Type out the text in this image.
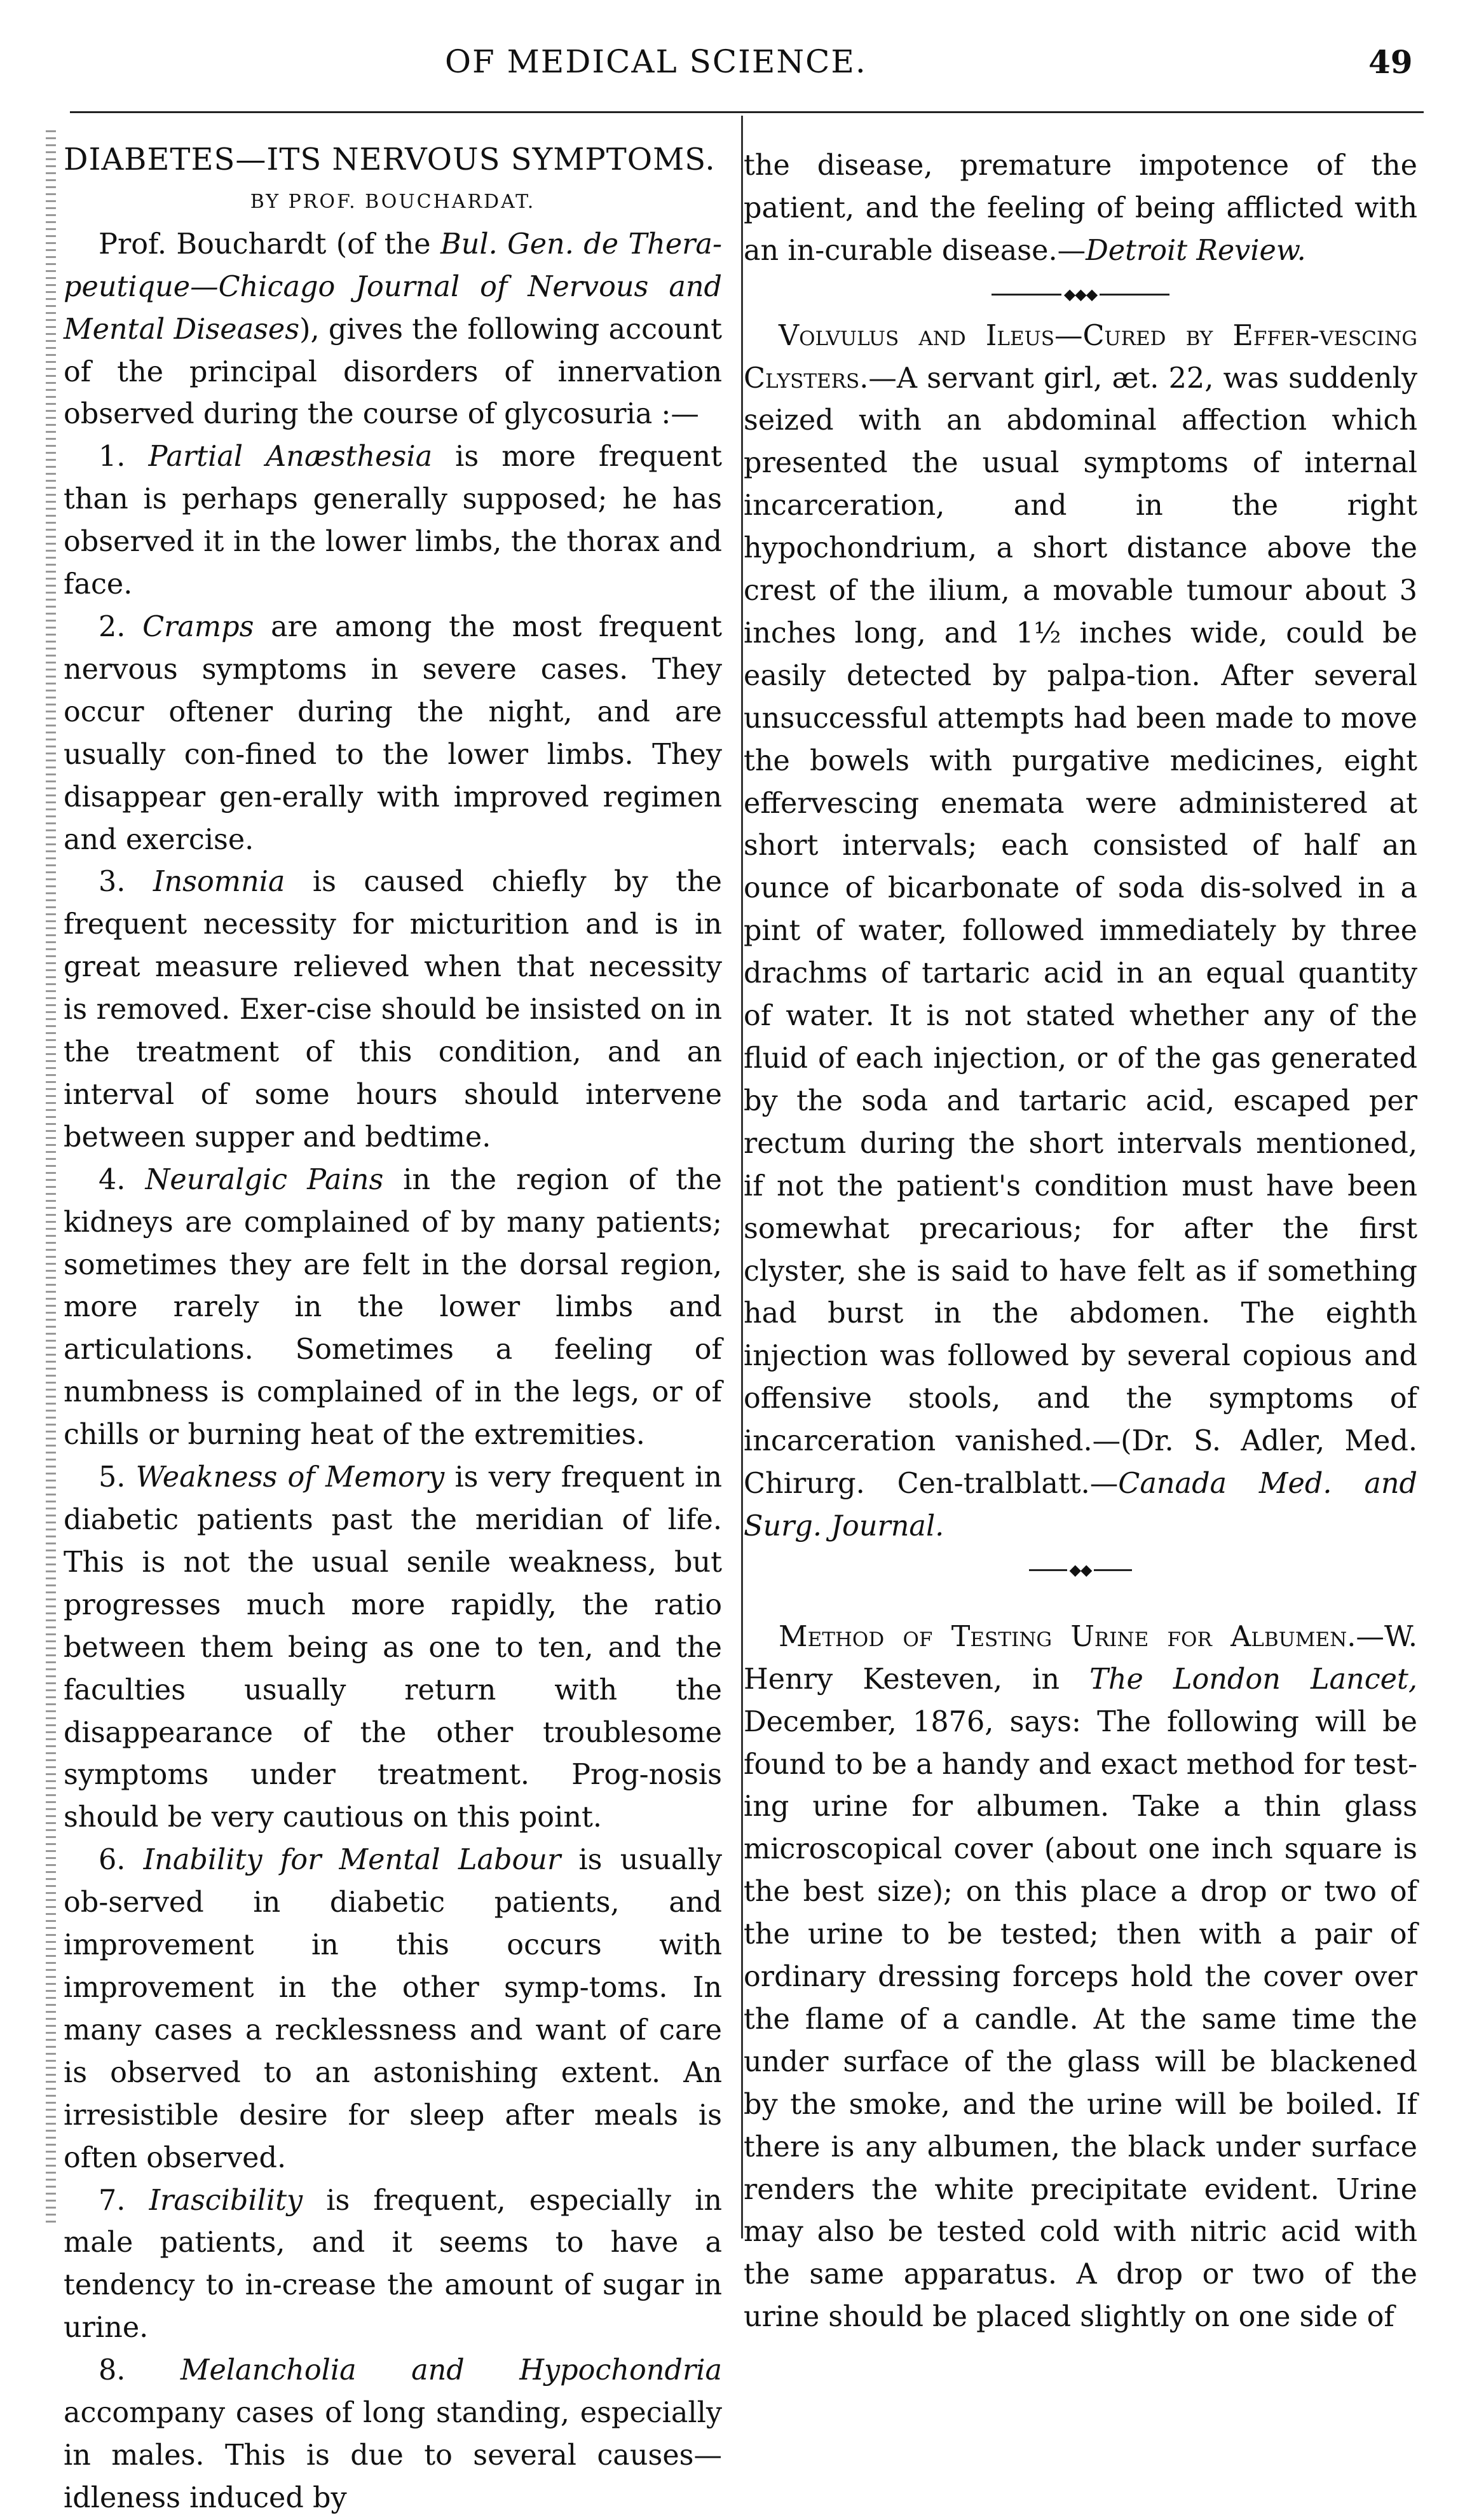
OF MEDICAL SCIENCE.	49

DIABETES—ITS NERVOUS SYMPTOMS.

BY PROF. BOUCHARDAT.

Prof. Bouchardt (of the Bul. Gen. de Thera-peutique—Chicago Journal of Nervous and Mental Diseases), gives the following account of the principal disorders of innervation observed during the course of glycosuria :—

1. Partial Anæsthesia is more frequent than is perhaps generally supposed; he has observed it in the lower limbs, the thorax and face.

2. Cramps are among the most frequent nervous symptoms in severe cases. They occur oftener during the night, and are usually con-fined to the lower limbs. They disappear gen-erally with improved regimen and exercise.

3. Insomnia is caused chiefly by the frequent necessity for micturition and is in great measure relieved when that necessity is removed. Exer-cise should be insisted on in the treatment of this condition, and an interval of some hours should intervene between supper and bedtime.

4. Neuralgic Pains in the region of the kidneys are complained of by many patients; sometimes they are felt in the dorsal region, more rarely in the lower limbs and articulations. Sometimes a feeling of numbness is complained of in the legs, or of chills or burning heat of the extremities.

5. Weakness of Memory is very frequent in diabetic patients past the meridian of life. This is not the usual senile weakness, but progresses much more rapidly, the ratio between them being as one to ten, and the faculties usually return with the disappearance of the other troublesome symptoms under treatment. Prog-nosis should be very cautious on this point.

6. Inability for Mental Labour is usually ob-served in diabetic patients, and improvement in this occurs with improvement in the other symp-toms. In many cases a recklessness and want of care is observed to an astonishing extent. An irresistible desire for sleep after meals is often observed.

7. Irascibility is frequent, especially in male patients, and it seems to have a tendency to in-crease the amount of sugar in urine.

8. Melancholia and Hypochondria accompany cases of long standing, especially in males. This is due to several causes—idleness induced by

the disease, premature impotence of the patient, and the feeling of being afflicted with an in-curable disease.—Detroit Review.

◆◆◆

Volvulus and Ileus—Cured by Effer-vescing Clysters.—A servant girl, æt. 22, was suddenly seized with an abdominal affection which presented the usual symptoms of internal incarceration, and in the right hypochondrium, a short distance above the crest of the ilium, a movable tumour about 3 inches long, and 1½ inches wide, could be easily detected by palpa-tion. After several unsuccessful attempts had been made to move the bowels with purgative medicines, eight effervescing enemata were administered at short intervals; each consisted of half an ounce of bicarbonate of soda dis-solved in a pint of water, followed immediately by three drachms of tartaric acid in an equal quantity of water. It is not stated whether any of the fluid of each injection, or of the gas generated by the soda and tartaric acid, escaped per rectum during the short intervals mentioned, if not the patient's condition must have been somewhat precarious; for after the first clyster, she is said to have felt as if something had burst in the abdomen. The eighth injection was followed by several copious and offensive stools, and the symptoms of incarceration vanished.—(Dr. S. Adler, Med. Chirurg. Cen-tralblatt.—Canada Med. and Surg. Journal.

◆◆

Method of Testing Urine for Albumen.—W. Henry Kesteven, in The London Lancet, December, 1876, says: The following will be found to be a handy and exact method for test-ing urine for albumen. Take a thin glass microscopical cover (about one inch square is the best size); on this place a drop or two of the urine to be tested; then with a pair of ordinary dressing forceps hold the cover over the flame of a candle. At the same time the under surface of the glass will be blackened by the smoke, and the urine will be boiled. If there is any albumen, the black under surface renders the white precipitate evident. Urine may also be tested cold with nitric acid with the same apparatus. A drop or two of the urine should be placed slightly on one side of
